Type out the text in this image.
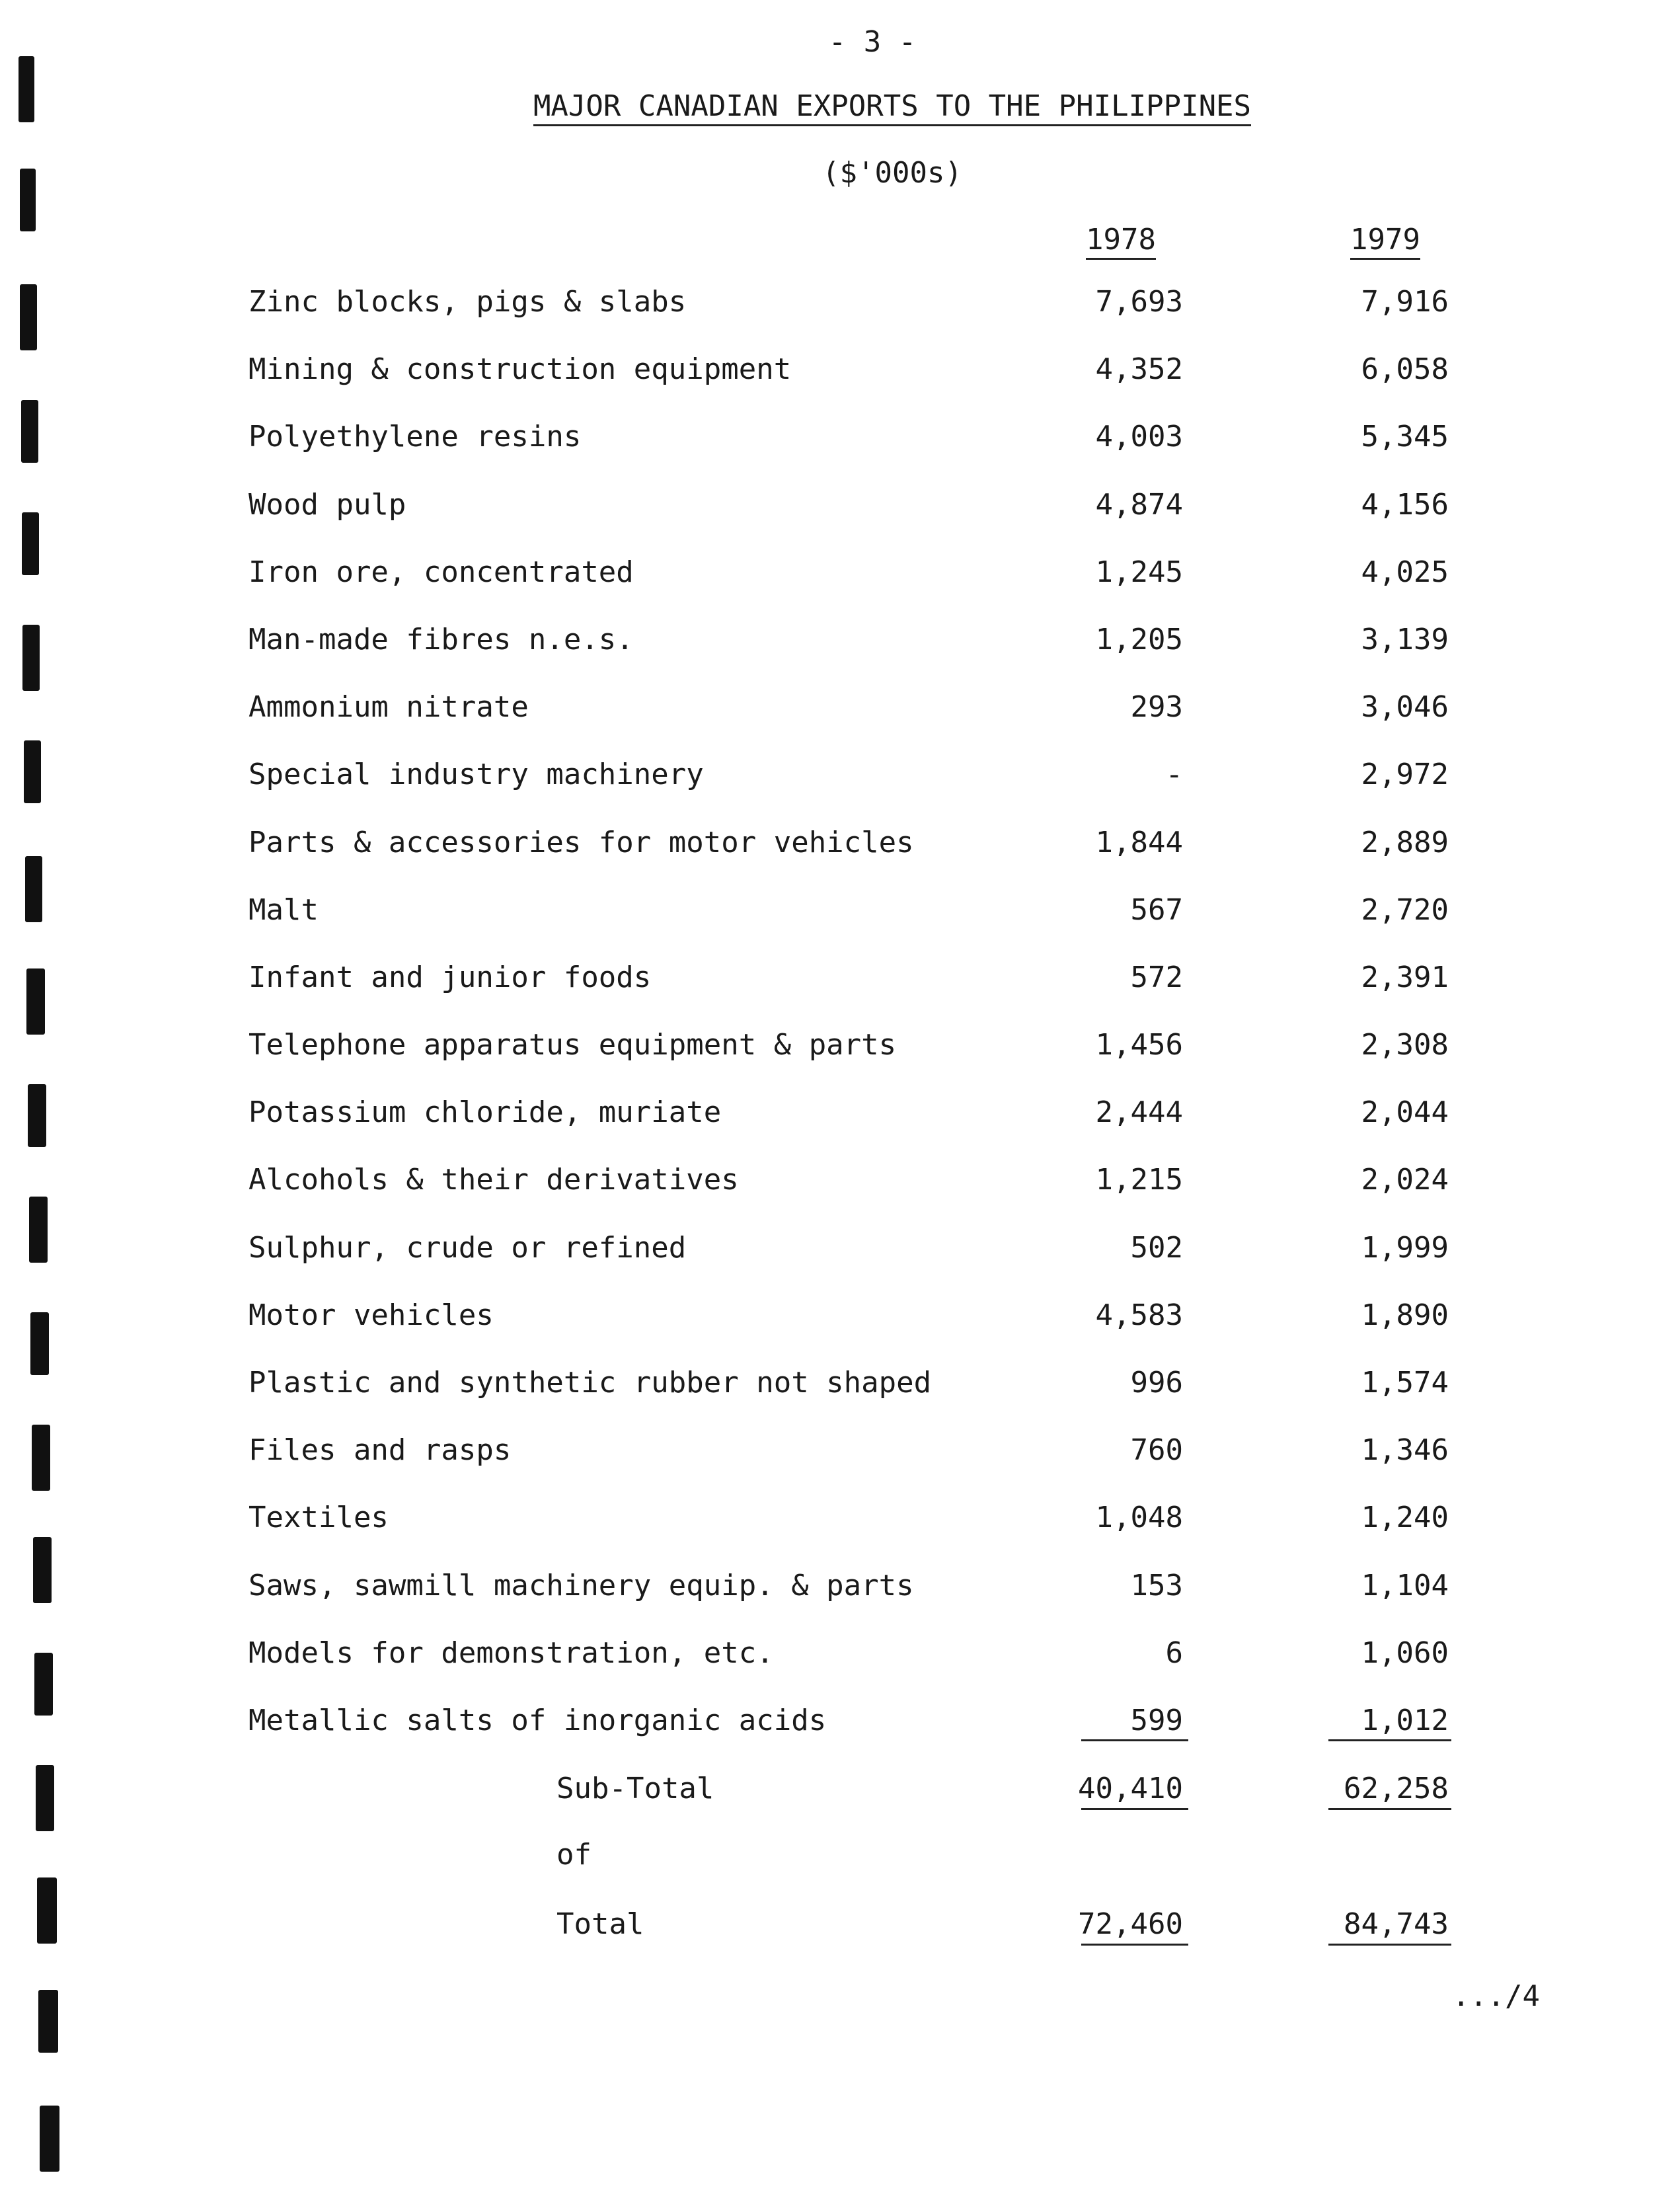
- 3 -
MAJOR CANADIAN EXPORTS TO THE PHILIPPINES
($'000s)
1978	1979
Zinc blocks, pigs & slabs	7,693	7,916
Mining & construction equipment	4,352	6,058
Polyethylene resins	4,003	5,345
Wood pulp	4,874	4,156
Iron ore, concentrated	1,245	4,025
Man-made fibres n.e.s.	1,205	3,139
Ammonium nitrate	293	3,046
Special industry machinery	-	2,972
Parts & accessories for motor vehicles	1,844	2,889
Malt	567	2,720
Infant and junior foods	572	2,391
Telephone apparatus equipment & parts	1,456	2,308
Potassium chloride, muriate	2,444	2,044
Alcohols & their derivatives	1,215	2,024
Sulphur, crude or refined	502	1,999
Motor vehicles	4,583	1,890
Plastic and synthetic rubber not shaped	996	1,574
Files and rasps	760	1,346
Textiles	1,048	1,240
Saws, sawmill machinery equip. & parts	153	1,104
Models for demonstration, etc.	6	1,060
Metallic salts of inorganic acids	599	1,012
Sub-Total	40,410	62,258
of
Total	72,460	84,743
.../4
